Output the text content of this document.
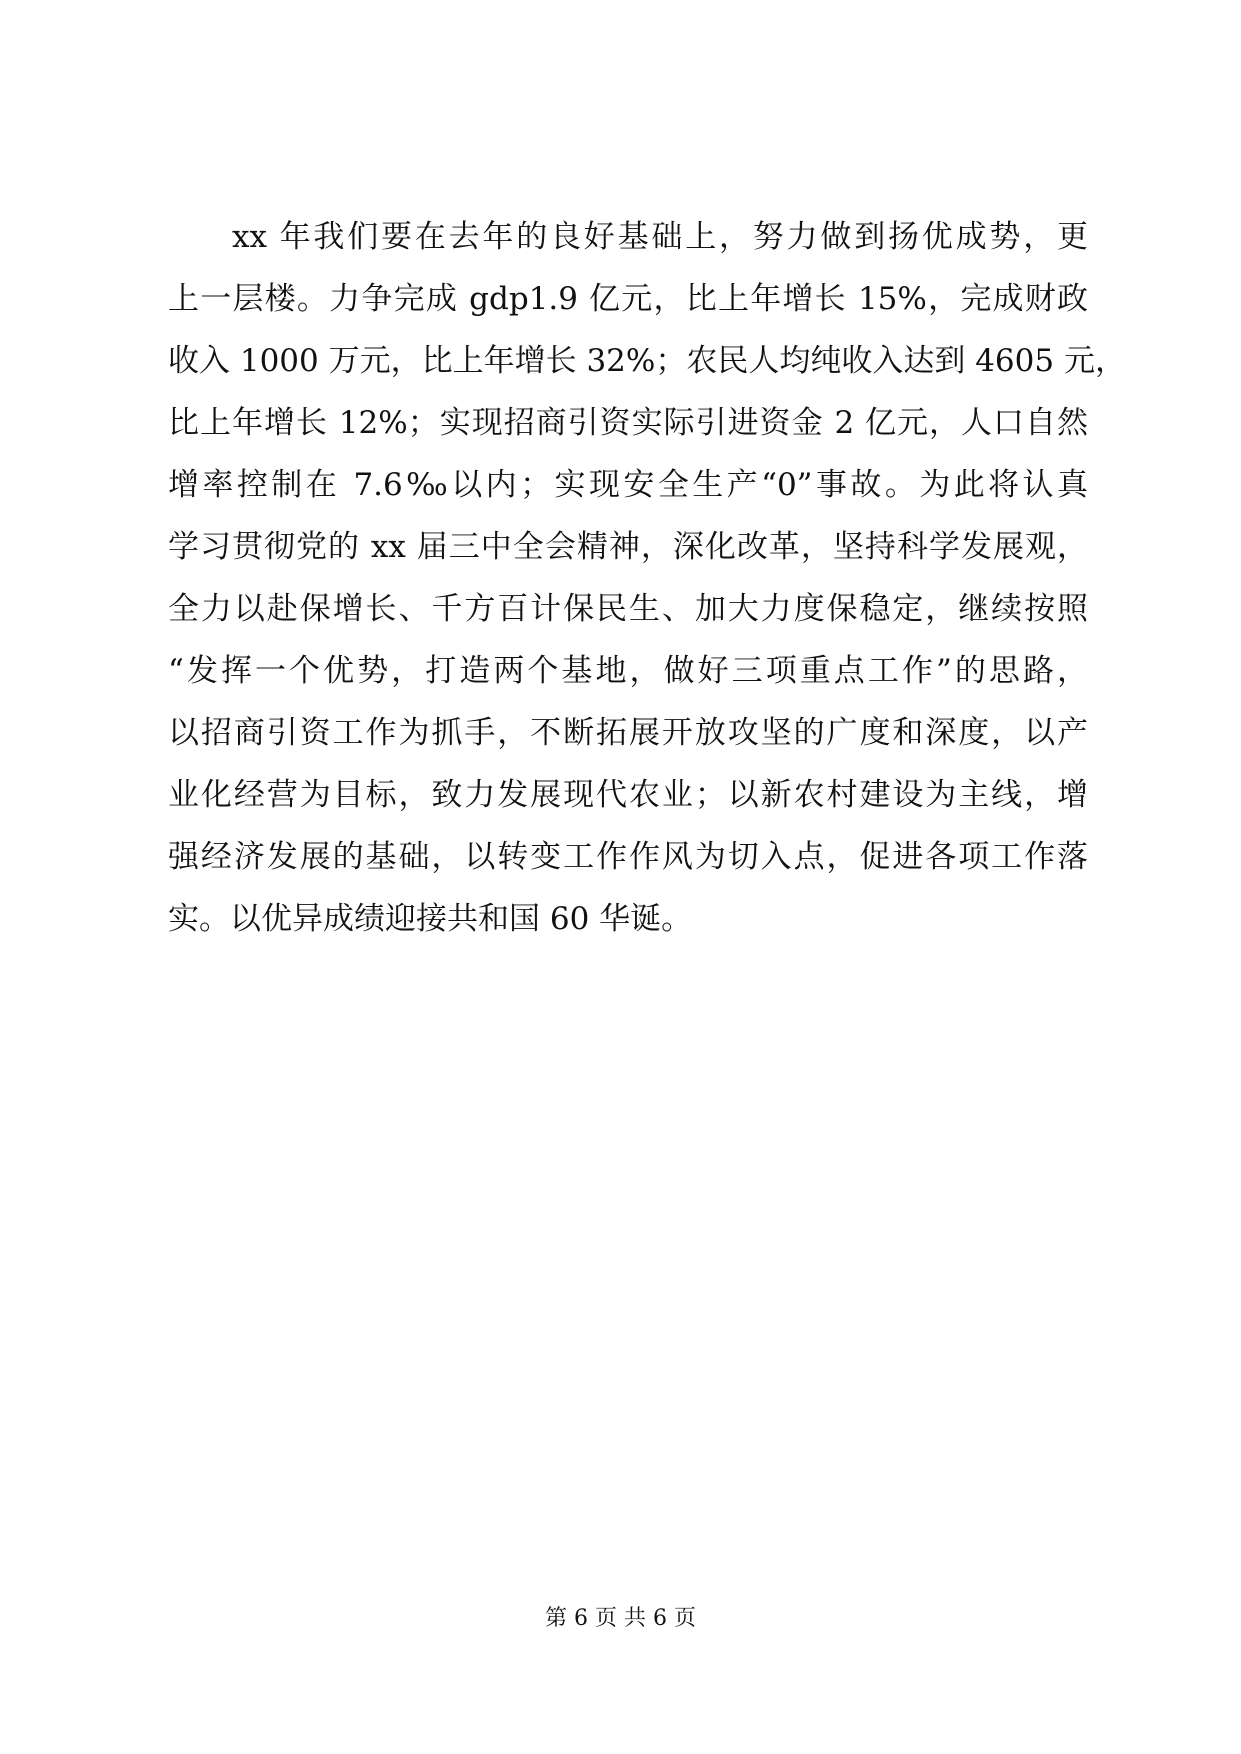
xx 年我们要在去年的良好基础上，努力做到扬优成势，更
上一层楼。力争完成 gdp1.9 亿元，比上年增长 15%，完成财政
收入 1000 万元，比上年增长 32%；农民人均纯收入达到 4605 元，
比上年增长 12%；实现招商引资实际引进资金 2 亿元，人口自然
增率控制在 7.6‰以内；实现安全生产“0”事故。为此将认真
学习贯彻党的 xx 届三中全会精神，深化改革，坚持科学发展观，
全力以赴保增长、千方百计保民生、加大力度保稳定，继续按照
“发挥一个优势，打造两个基地，做好三项重点工作”的思路，
以招商引资工作为抓手，不断拓展开放攻坚的广度和深度，以产
业化经营为目标，致力发展现代农业；以新农村建设为主线，增
强经济发展的基础，以转变工作作风为切入点，促进各项工作落
实。以优异成绩迎接共和国 60 华诞。
第 6 页 共 6 页
